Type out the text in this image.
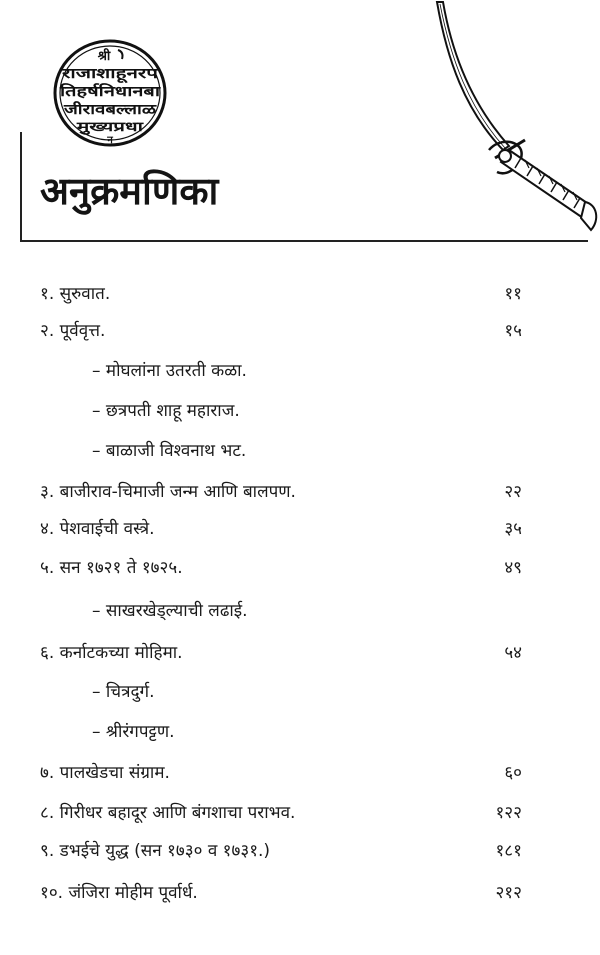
श्री
राजाशाहूनरप
तिहर्षनिधानबा
जीरावबल्लाळ
मुख्यप्रधा
न
अनुक्रमणिका
१. सुरुवात.	११
२. पूर्ववृत्त.	१५
– मोघलांना उतरती कळा.
– छत्रपती शाहू महाराज.
– बाळाजी विश्वनाथ भट.
३. बाजीराव-चिमाजी जन्म आणि बालपण.	२२
४. पेशवाईची वस्त्रे.	३५
५. सन १७२१ ते १७२५.	४९
– साखरखेड्ल्याची लढाई.
६. कर्नाटकच्या मोहिमा.	५४
– चित्रदुर्ग.
– श्रीरंगपट्टण.
७. पालखेडचा संग्राम.	६०
८. गिरीधर बहादूर आणि बंगशाचा पराभव.	१२२
९. डभईचे युद्ध (सन १७३० व १७३१.)	१८१
१०. जंजिरा मोहीम पूर्वार्ध.	२१२
